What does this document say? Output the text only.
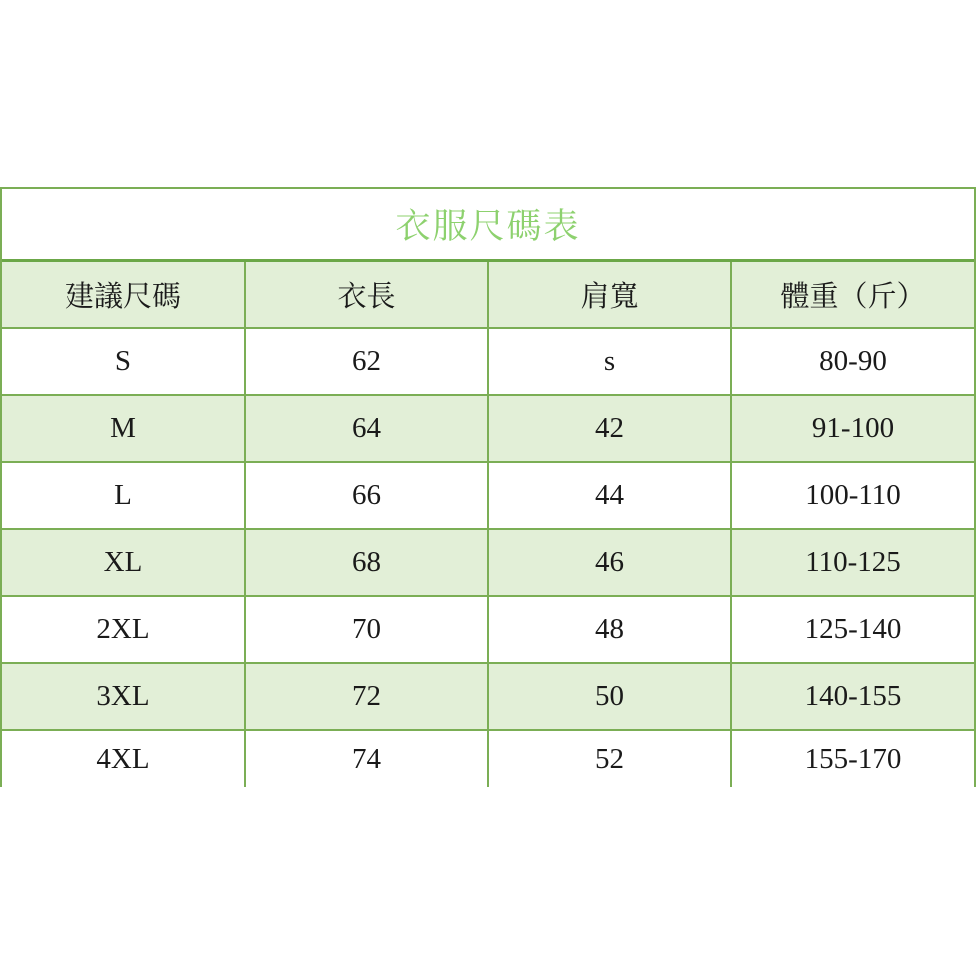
衣服尺碼表
建議尺碼	衣長	肩寬	體重（斤）
S	62	s	80-90
M	64	42	91-100
L	66	44	100-110
XL	68	46	110-125
2XL	70	48	125-140
3XL	72	50	140-155
4XL	74	52	155-170
